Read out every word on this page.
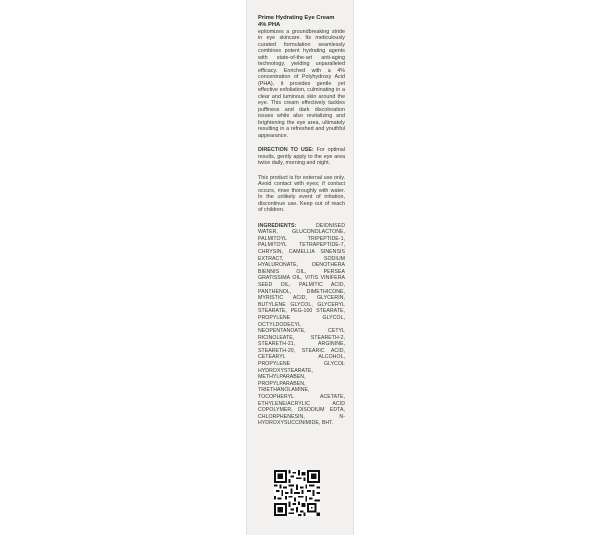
Prime Hydrating Eye Cream
4% PHA

epitomizes a groundbreaking stride in eye skincare. Its meticulously curated formulation seamlessly combines potent hydrating agents with state-of-the-art anti-aging technology, yielding unparalleled efficacy. Enriched with a 4% concentration of Polyhydroxy Acid (PHA), it provides gentle yet effective exfoliation, culminating in a clear and luminous skin around the eye. This cream effectively tackles puffiness and dark discoloration issues while also revitalizing and brightening the eye area, ultimately resulting in a refreshed and youthful appearance.

DIRECTION TO USE: For optimal results, gently apply to the eye area twice daily, morning and night.

This product is for external use only. Avoid contact with eyes; if contact occurs, rinse thoroughly with water. In the unlikely event of irritation, discontinue use. Keep out of reach of children.

INGREDIENTS: DEIONISED WATER, GLUCONOLACTONE, PALMITOYL TRIPEPTIDE-1, PALMITOYL TETRAPEPTIDE-7, CHRYSIN, CAMELLIA SINENSIS EXTRACT, SODIUM HYALURONATE, OENOTHERA BIENNIS OIL, PERSEA GRATISSIMA OIL, VITIS VINIFERA SEED OIL, PALMITIC ACID, PANTHENOL, DIMETHICONE, MYRISTIC ACID, GLYCERIN, BUTYLENE GLYCOL, GLYCERYL STEARATE, PEG-100 STEARATE, PROPYLENE GLYCOL, OCTYLDODECYL NEOPENTANOATE, CETYL RICINOLEATE, STEARETH-2, STEARETH-21, ARGININE, STEARETH-20, STEARIC ACID, CETEARYL ALCOHOL, PROPYLENE GLYCOL HYDROXYSTEARATE, METHYLPARABEN, PROPYLPARABEN, TRIETHANOLAMINE, TOCOPHERYL ACETATE, ETHYLENE/ACRYLIC ACID COPOLYMER, DISODIUM EDTA, CHLORPHENESIN, N-HYDROXYSUCCINIMIDE, BHT.
